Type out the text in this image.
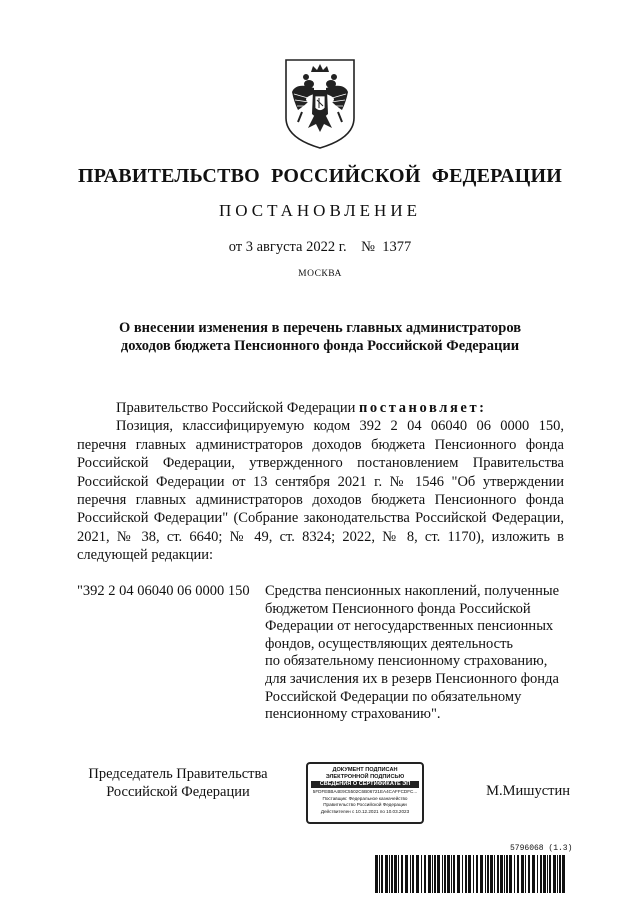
ПРАВИТЕЛЬСТВО РОССИЙСКОЙ ФЕДЕРАЦИИ
ПОСТАНОВЛЕНИЕ
от 3 августа 2022 г. №  1377
МОСКВА
О внесении изменения в перечень главных администраторов
доходов бюджета Пенсионного фонда Российской Федерации

Правительство Российской Федерации постановляет:

Позиция, классифицируемую кодом 392 2 04 06040 06 0000 150, перечня главных администраторов доходов бюджета Пенсионного фонда Российской Федерации, утвержденного постановлением Правительства Российской Федерации от 13 сентября 2021 г. № 1546 "Об утверждении перечня главных администраторов доходов бюджета Пенсионного фонда Российской Федерации" (Собрание законодательства Российской Федерации, 2021, № 38, ст. 6640; № 49, ст. 8324; 2022, № 8, ст. 1170), изложить в следующей редакции:

"392 2 04 06040 06 0000 150 Средства пенсионных накоплений, полученные
бюджетом Пенсионного фонда Российской
Федерации от негосударственных пенсионных
фондов, осуществляющих деятельность
по обязательному пенсионному страхованию,
для зачисления их в резерв Пенсионного фонда
Российской Федерации по обязательному
пенсионному страхованию".
Председатель Правительства
Российской Федерации
ДОКУМЕНТ ПОДПИСАН
ЭЛЕКТРОННОЙ ПОДПИСЬЮ
СВЕДЕНИЯ О СЕРТИФИКАТЕ ЭП
5FDFEBBA4E9C5502C6B06721EA4CAFFCDFC...
Поставщик: Федеральное казначейство
Правительство Российской Федерации
Действителен с 10.12.2021 по 10.03.2023
М.Мишустин
5796068 (1.3)
